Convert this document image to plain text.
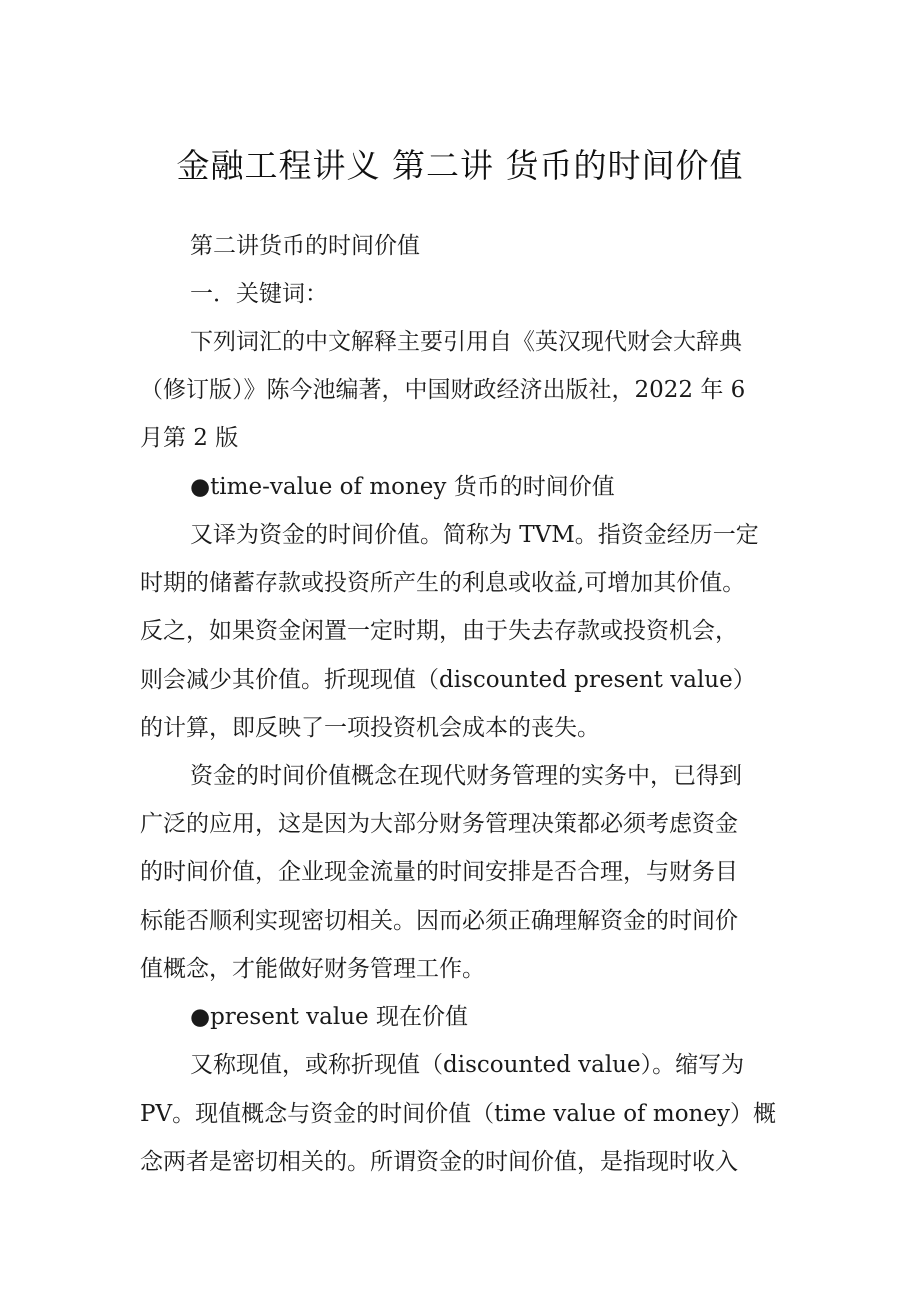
金融工程讲义 第二讲 货币的时间价值
第二讲货币的时间价值
一．关键词：
下列词汇的中文解释主要引用自《英汉现代财会大辞典
（修订版）》陈今池编著，中国财政经济出版社，2022 年 6
月第 2 版
●time-value of money 货币的时间价值
又译为资金的时间价值。简称为 TVM。指资金经历一定
时期的储蓄存款或投资所产生的利息或收益,可增加其价值。
反之，如果资金闲置一定时期，由于失去存款或投资机会，
则会减少其价值。折现现值（discounted present value）
的计算，即反映了一项投资机会成本的丧失。
资金的时间价值概念在现代财务管理的实务中，已得到
广泛的应用，这是因为大部分财务管理决策都必须考虑资金
的时间价值，企业现金流量的时间安排是否合理，与财务目
标能否顺利实现密切相关。因而必须正确理解资金的时间价
值概念，才能做好财务管理工作。
●present value 现在价值
又称现值，或称折现值（discounted value）。缩写为
PV。现值概念与资金的时间价值（time value of money）概
念两者是密切相关的。所谓资金的时间价值，是指现时收入
